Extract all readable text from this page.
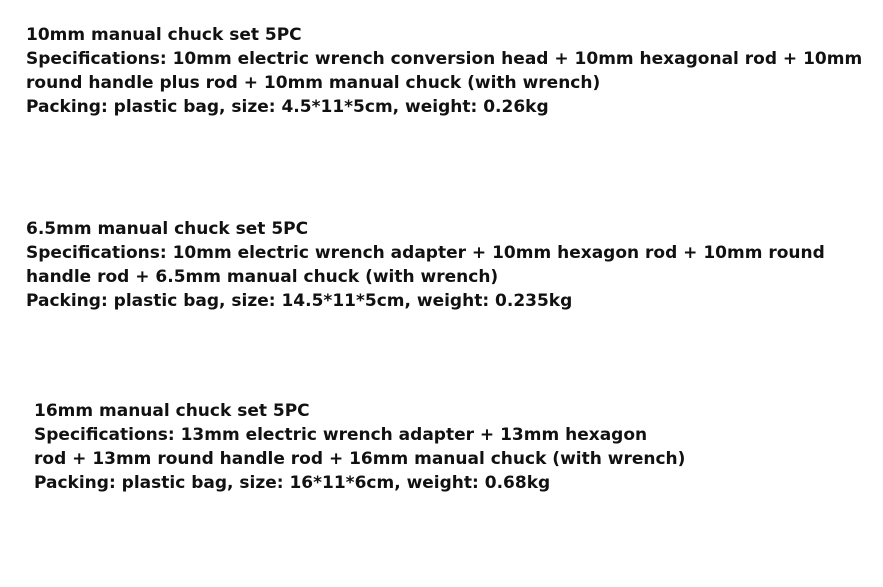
10mm manual chuck set 5PC
Specifications: 10mm electric wrench conversion head + 10mm hexagonal rod + 10mm
round handle plus rod + 10mm manual chuck (with wrench)
Packing: plastic bag, size: 4.5*11*5cm, weight: 0.26kg
6.5mm manual chuck set 5PC
Specifications: 10mm electric wrench adapter + 10mm hexagon rod + 10mm round
handle rod + 6.5mm manual chuck (with wrench)
Packing: plastic bag, size: 14.5*11*5cm, weight: 0.235kg
16mm manual chuck set 5PC
Specifications: 13mm electric wrench adapter + 13mm hexagon
rod + 13mm round handle rod + 16mm manual chuck (with wrench)
Packing: plastic bag, size: 16*11*6cm, weight: 0.68kg
